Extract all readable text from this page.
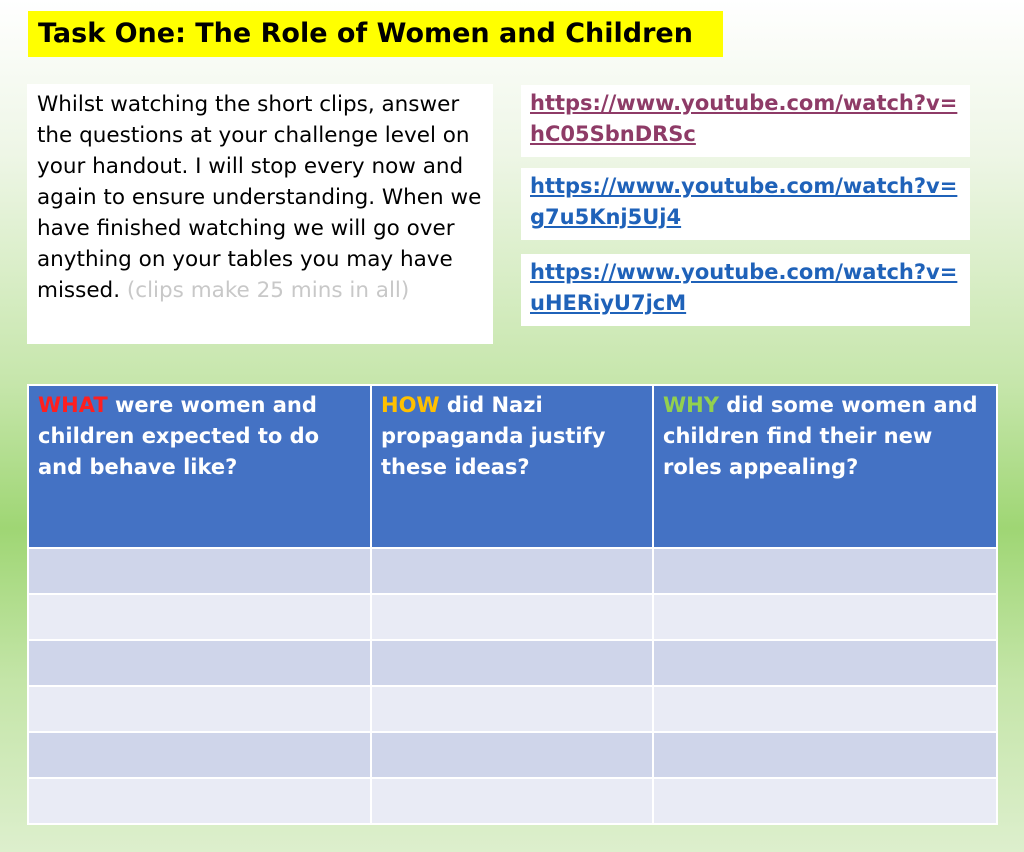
Task One: The Role of Women and Children
Whilst watching the short clips, answer the questions at your challenge level on your handout. I will stop every now and again to ensure understanding. When we have finished watching we will go over anything on your tables you may have missed. (clips make 25 mins in all)
https://www.youtube.com/watch?v=hC05SbnDRSc
https://www.youtube.com/watch?v=g7u5Knj5Uj4
https://www.youtube.com/watch?v=uHERiyU7jcM
WHAT were women and children expected to do and behave like?	HOW did Nazi propaganda justify these ideas?	WHY did some women and children find their new roles appealing?
